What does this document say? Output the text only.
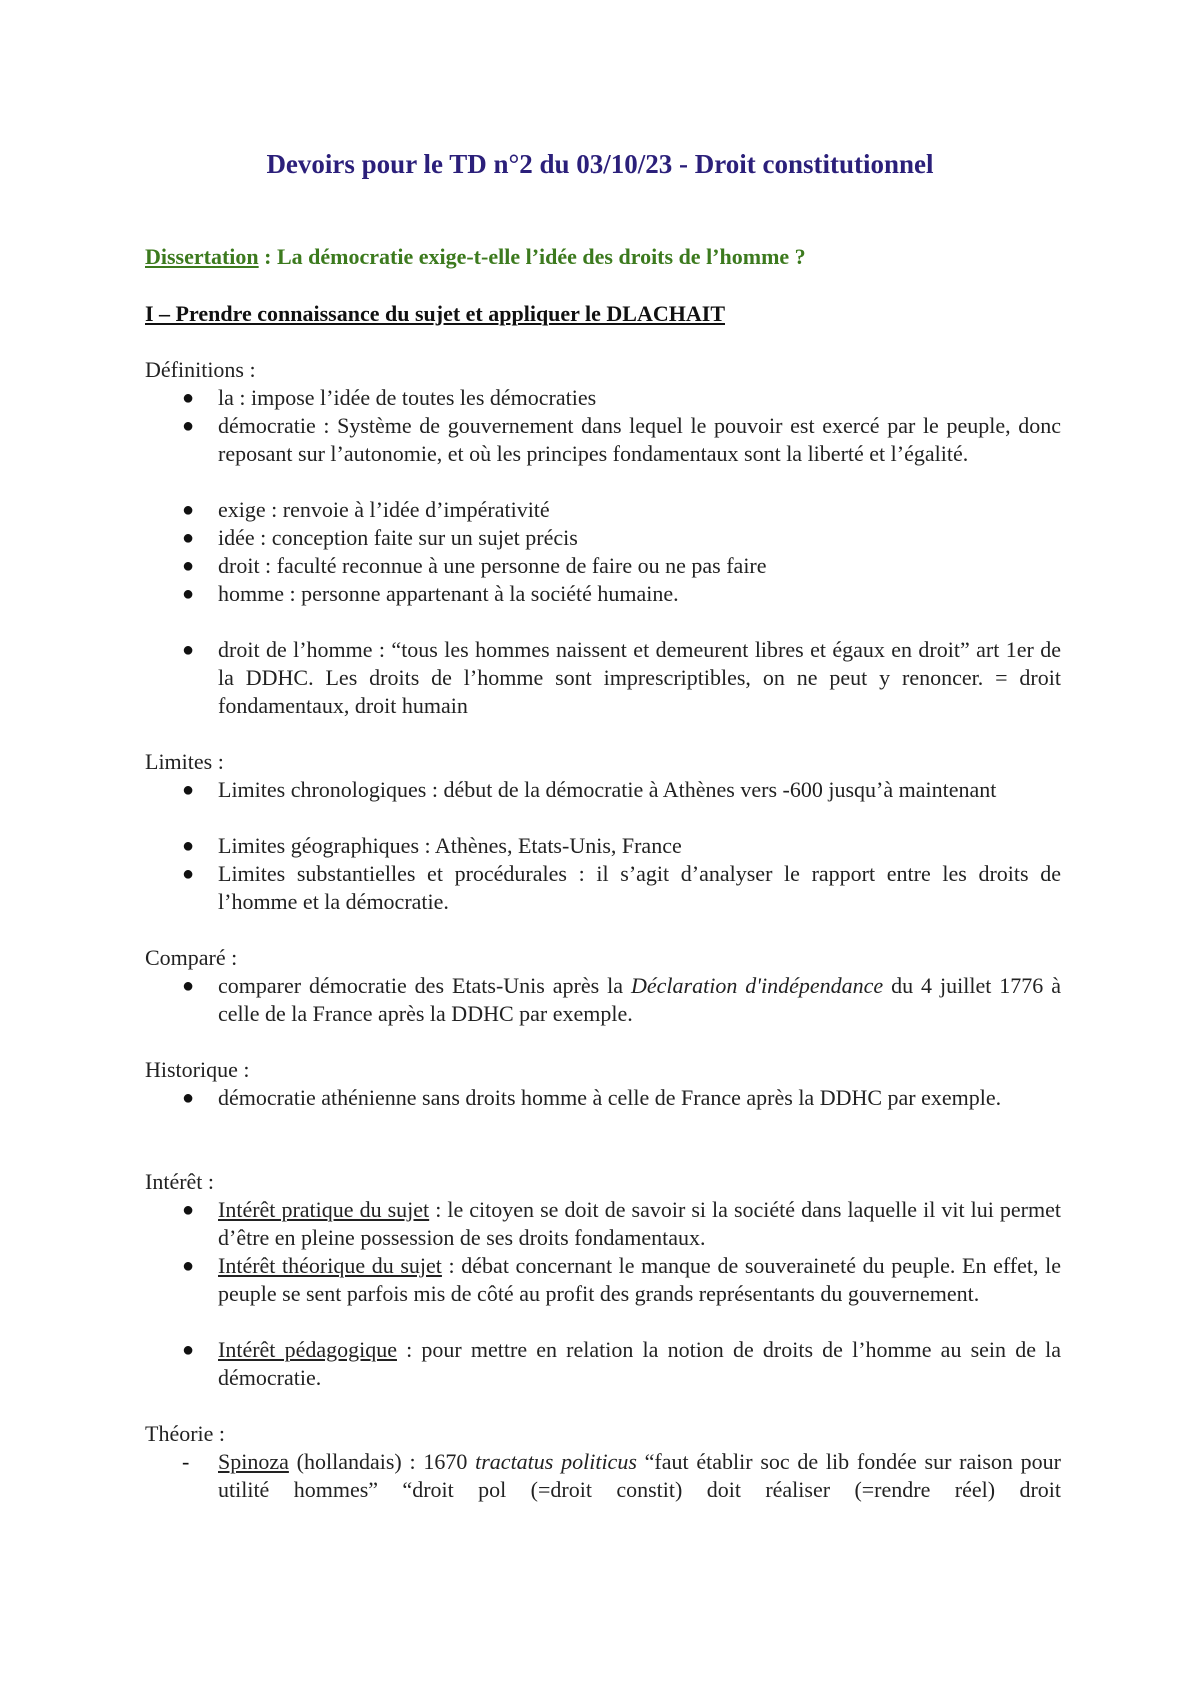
Devoirs pour le TD n°2 du 03/10/23 - Droit constitutionnel
Dissertation : La démocratie exige-t-elle l’idée des droits de l’homme ?
I – Prendre connaissance du sujet et appliquer le DLACHAIT
Définitions :
● la : impose l’idée de toutes les démocraties
● démocratie : Système de gouvernement dans lequel le pouvoir est exercé par le peuple, donc reposant sur l’autonomie, et où les principes fondamentaux sont la liberté et l’égalité.
● exige : renvoie à l’idée d’impérativité
● idée : conception faite sur un sujet précis
● droit : faculté reconnue à une personne de faire ou ne pas faire
● homme : personne appartenant à la société humaine.
● droit de l’homme : “tous les hommes naissent et demeurent libres et égaux en droit” art 1er de la DDHC. Les droits de l’homme sont imprescriptibles, on ne peut y renoncer. = droit fondamentaux, droit humain
Limites :
● Limites chronologiques : début de la démocratie à Athènes vers -600 jusqu’à maintenant
● Limites géographiques : Athènes, Etats-Unis, France
● Limites substantielles et procédurales : il s’agit d’analyser le rapport entre les droits de l’homme et la démocratie.
Comparé :
● comparer démocratie des Etats-Unis après la Déclaration d'indépendance du 4 juillet 1776 à celle de la France après la DDHC par exemple.
Historique :
● démocratie athénienne sans droits homme à celle de France après la DDHC par exemple.
Intérêt :
● Intérêt pratique du sujet : le citoyen se doit de savoir si la société dans laquelle il vit lui permet d’être en pleine possession de ses droits fondamentaux.
● Intérêt théorique du sujet : débat concernant le manque de souveraineté du peuple. En effet, le peuple se sent parfois mis de côté au profit des grands représentants du gouvernement.
● Intérêt pédagogique : pour mettre en relation la notion de droits de l’homme au sein de la démocratie.
Théorie :
- Spinoza (hollandais) : 1670 tractatus politicus “faut établir soc de lib fondée sur raison pour utilité hommes” “droit pol (=droit constit) doit réaliser (=rendre réel) droit
